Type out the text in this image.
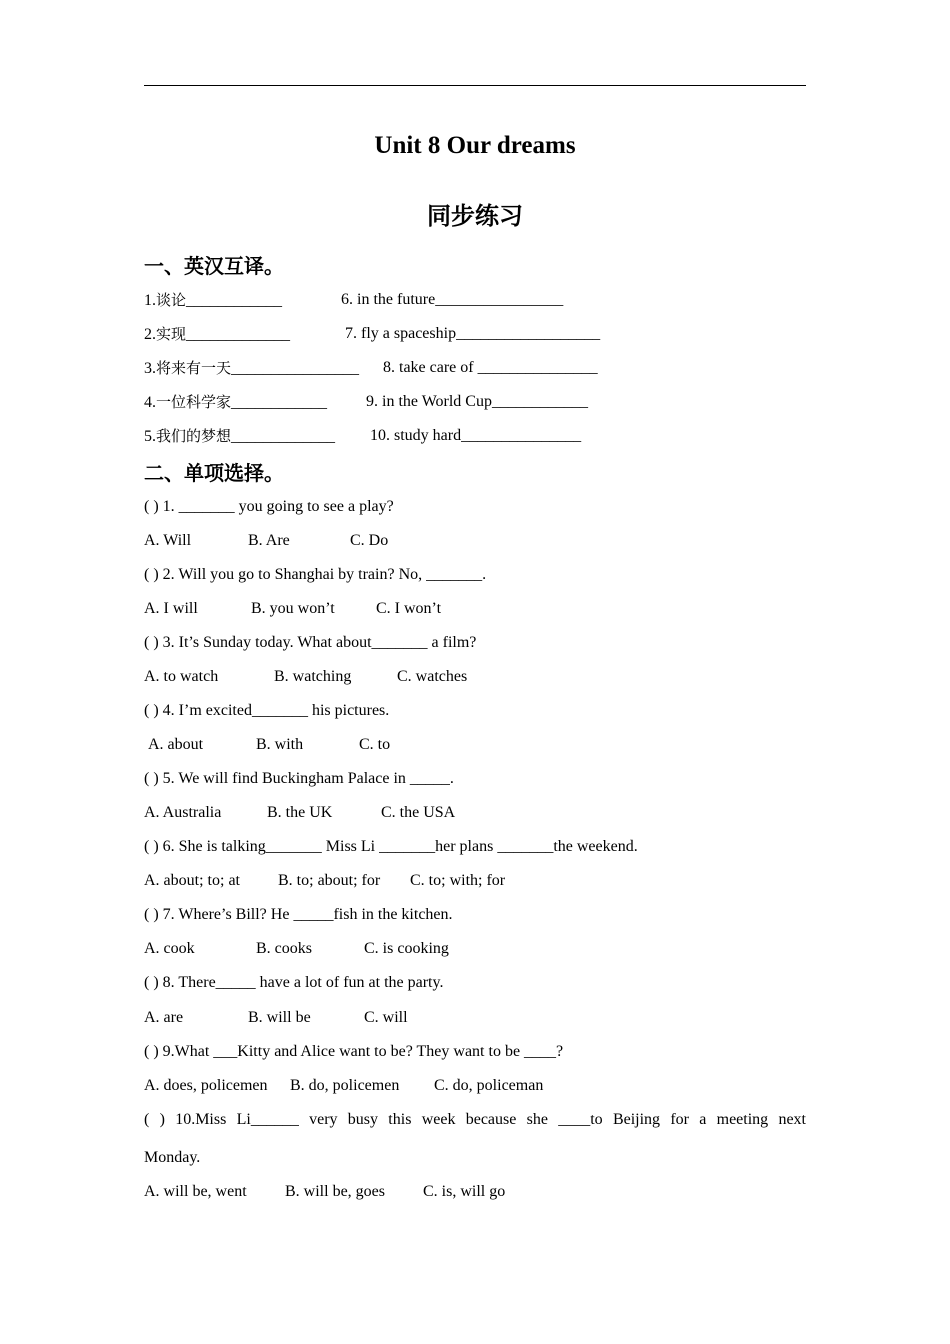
Unit 8 Our dreams
同步练习
一、英汉互译。
1.谈论____________	6. in the future________________
2.实现_____________	7. fly a spaceship__________________
3.将来有一天________________ 8. take care of _______________
4.一位科学家____________ 9. in the World Cup____________
5.我们的梦想_____________ 10. study hard_______________
二、单项选择。
( ) 1. _______ you going to see a play?
A. Will	B. Are	C. Do
( ) 2. Will you go to Shanghai by train? No, _______.
A. I will	B. you won’t	C. I won’t
( ) 3. It’s Sunday today. What about_______ a film?
A. to watch	B. watching	C. watches
( ) 4. I’m excited_______ his pictures.
A. about	B. with	C. to
( ) 5. We will find Buckingham Palace in _____.
A. Australia	B. the UK	C. the USA
( ) 6. She is talking_______ Miss Li _______her plans _______the weekend.
A. about; to; at B. to; about; for C. to; with; for
( ) 7. Where’s Bill? He _____fish in the kitchen.
A. cook	B. cooks	C. is cooking
( ) 8. There_____ have a lot of fun at the party.
A. are	B. will be	C. will
( ) 9.What ___Kitty and Alice want to be? They want to be ____?
A. does, policemen B. do, policemen C. do, policeman
( ) 10.Miss Li______ very busy this week because she ____to Beijing for a meeting next
Monday.
A. will be, went B. will be, goes C. is, will go
